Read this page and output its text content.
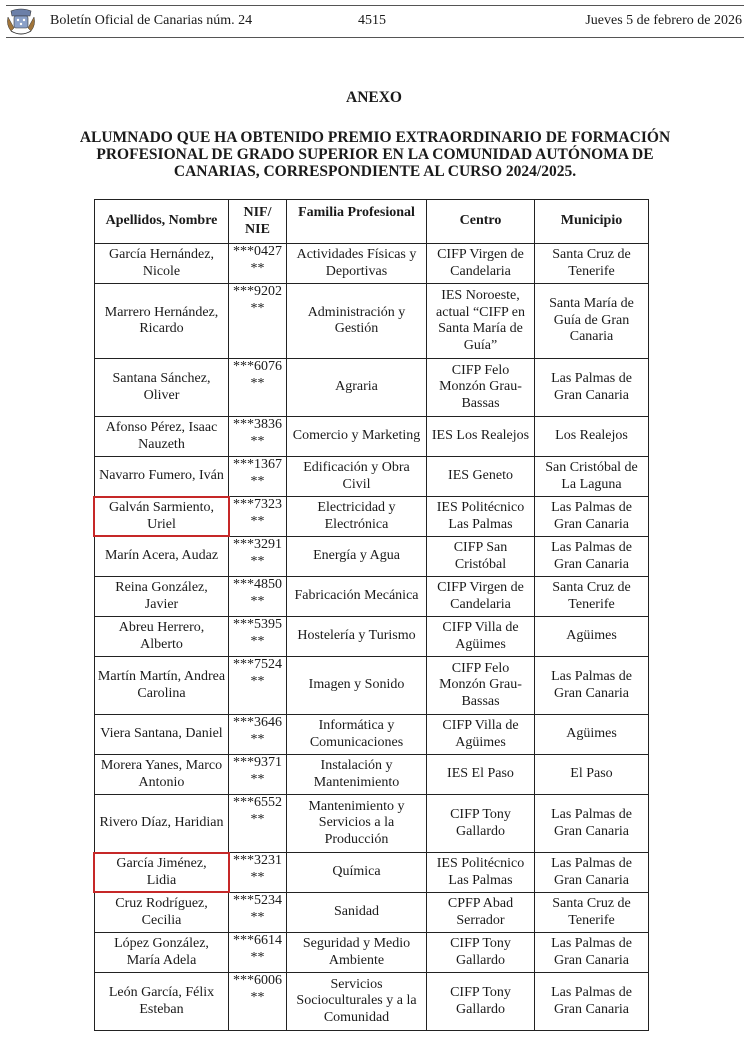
Boletín Oficial de Canarias núm. 24	4515	Jueves 5 de febrero de 2026
ANEXO
ALUMNADO QUE HA OBTENIDO PREMIO EXTRAORDINARIO DE FORMACIÓN PROFESIONAL DE GRADO SUPERIOR EN LA COMUNIDAD AUTÓNOMA DE CANARIAS, CORRESPONDIENTE AL CURSO 2024/2025.
Apellidos, Nombre	NIF/ NIE	Familia Profesional	Centro	Municipio
García Hernández, Nicole	***0427 **	Actividades Físicas y Deportivas	CIFP Virgen de Candelaria	Santa Cruz de Tenerife
Marrero Hernández, Ricardo	***9202 **	Administración y Gestión	IES Noroeste, actual “CIFP en Santa María de Guía”	Santa María de Guía de Gran Canaria
Santana Sánchez, Oliver	***6076 **	Agraria	CIFP Felo Monzón Grau-Bassas	Las Palmas de Gran Canaria
Afonso Pérez, Isaac Nauzeth	***3836 **	Comercio y Marketing	IES Los Realejos	Los Realejos
Navarro Fumero, Iván	***1367 **	Edificación y Obra Civil	IES Geneto	San Cristóbal de La Laguna
Galván Sarmiento, Uriel	***7323 **	Electricidad y Electrónica	IES Politécnico Las Palmas	Las Palmas de Gran Canaria
Marín Acera, Audaz	***3291 **	Energía y Agua	CIFP San Cristóbal	Las Palmas de Gran Canaria
Reina González, Javier	***4850 **	Fabricación Mecánica	CIFP Virgen de Candelaria	Santa Cruz de Tenerife
Abreu Herrero, Alberto	***5395 **	Hostelería y Turismo	CIFP Villa de Agüimes	Agüimes
Martín Martín, Andrea Carolina	***7524 **	Imagen y Sonido	CIFP Felo Monzón Grau-Bassas	Las Palmas de Gran Canaria
Viera Santana, Daniel	***3646 **	Informática y Comunicaciones	CIFP Villa de Agüimes	Agüimes
Morera Yanes, Marco Antonio	***9371 **	Instalación y Mantenimiento	IES El Paso	El Paso
Rivero Díaz, Haridian	***6552 **	Mantenimiento y Servicios a la Producción	CIFP Tony Gallardo	Las Palmas de Gran Canaria
García Jiménez, Lidia	***3231 **	Química	IES Politécnico Las Palmas	Las Palmas de Gran Canaria
Cruz Rodríguez, Cecilia	***5234 **	Sanidad	CPFP Abad Serrador	Santa Cruz de Tenerife
López González, María Adela	***6614 **	Seguridad y Medio Ambiente	CIFP Tony Gallardo	Las Palmas de Gran Canaria
León García, Félix Esteban	***6006 **	Servicios Socioculturales y a la Comunidad	CIFP Tony Gallardo	Las Palmas de Gran Canaria
